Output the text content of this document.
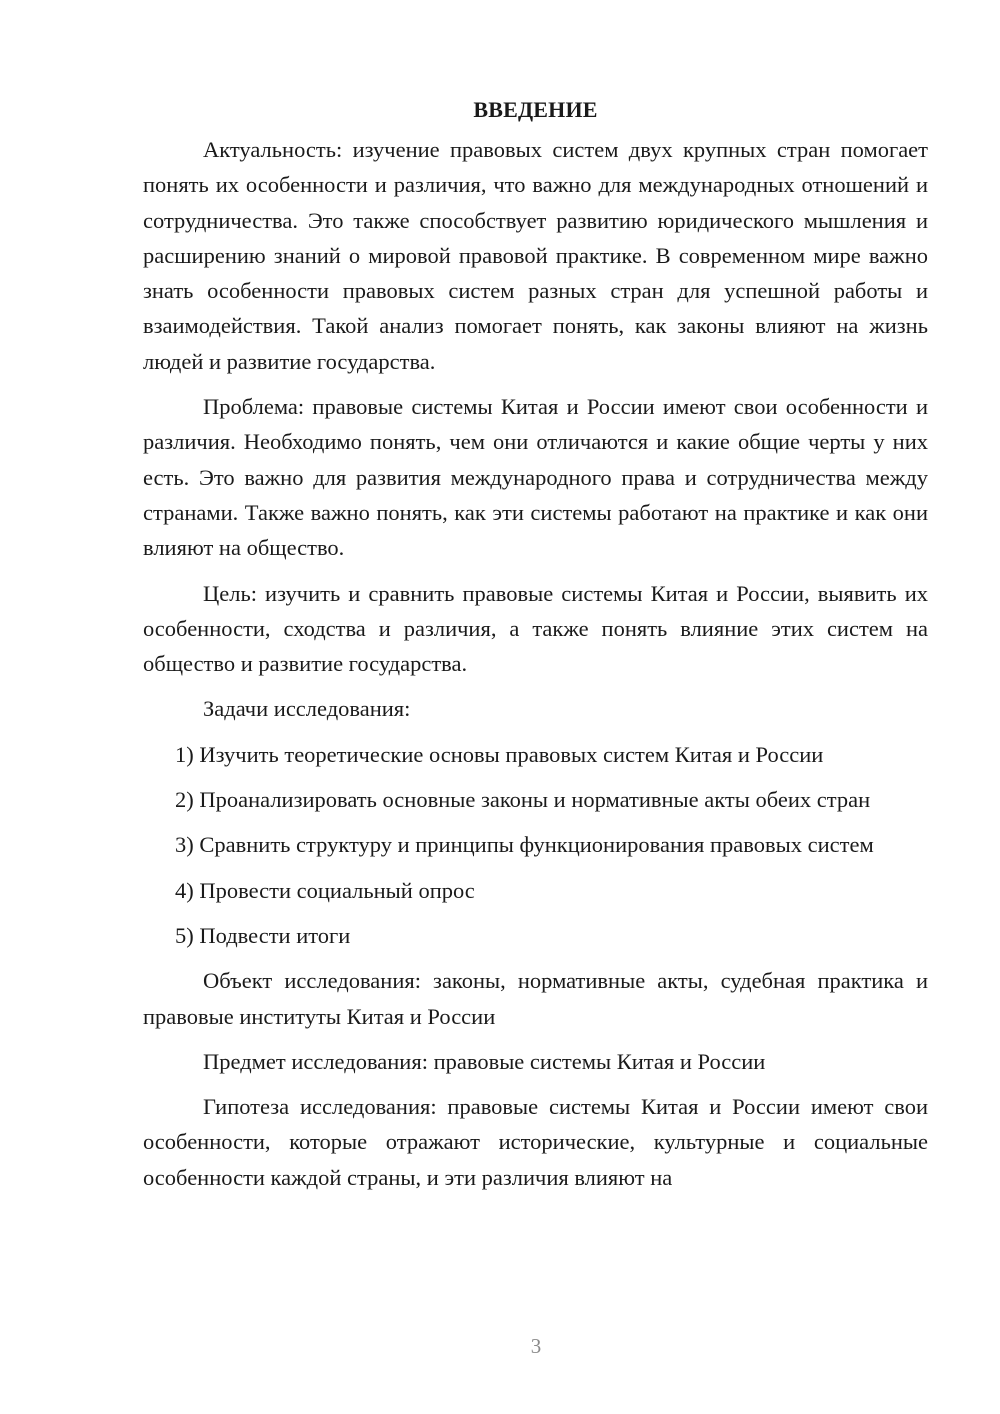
ВВЕДЕНИЕ

Актуальность: изучение правовых систем двух крупных стран помогает понять их особенности и различия, что важно для международных отношений и сотрудничества. Это также способствует развитию юридического мышления и расширению знаний о мировой правовой практике. В современном мире важно знать особенности правовых систем разных стран для успешной работы и взаимодействия. Такой анализ помогает понять, как законы влияют на жизнь людей и развитие государства.

Проблема: правовые системы Китая и России имеют свои особенности и различия. Необходимо понять, чем они отличаются и какие общие черты у них есть. Это важно для развития международного права и сотрудничества между странами. Также важно понять, как эти системы работают на практике и как они влияют на общество.

Цель: изучить и сравнить правовые системы Китая и России, выявить их особенности, сходства и различия, а также понять влияние этих систем на общество и развитие государства.

Задачи исследования:

1) Изучить теоретические основы правовых систем Китая и России

2) Проанализировать основные законы и нормативные акты обеих стран

3) Сравнить структуру и принципы функционирования правовых систем

4) Провести социальный опрос

5) Подвести итоги

Объект исследования: законы, нормативные акты, судебная практика и правовые институты Китая и России

Предмет исследования: правовые системы Китая и России

Гипотеза исследования: правовые системы Китая и России имеют свои особенности, которые отражают исторические, культурные и социальные особенности каждой страны, и эти различия влияют на

3
